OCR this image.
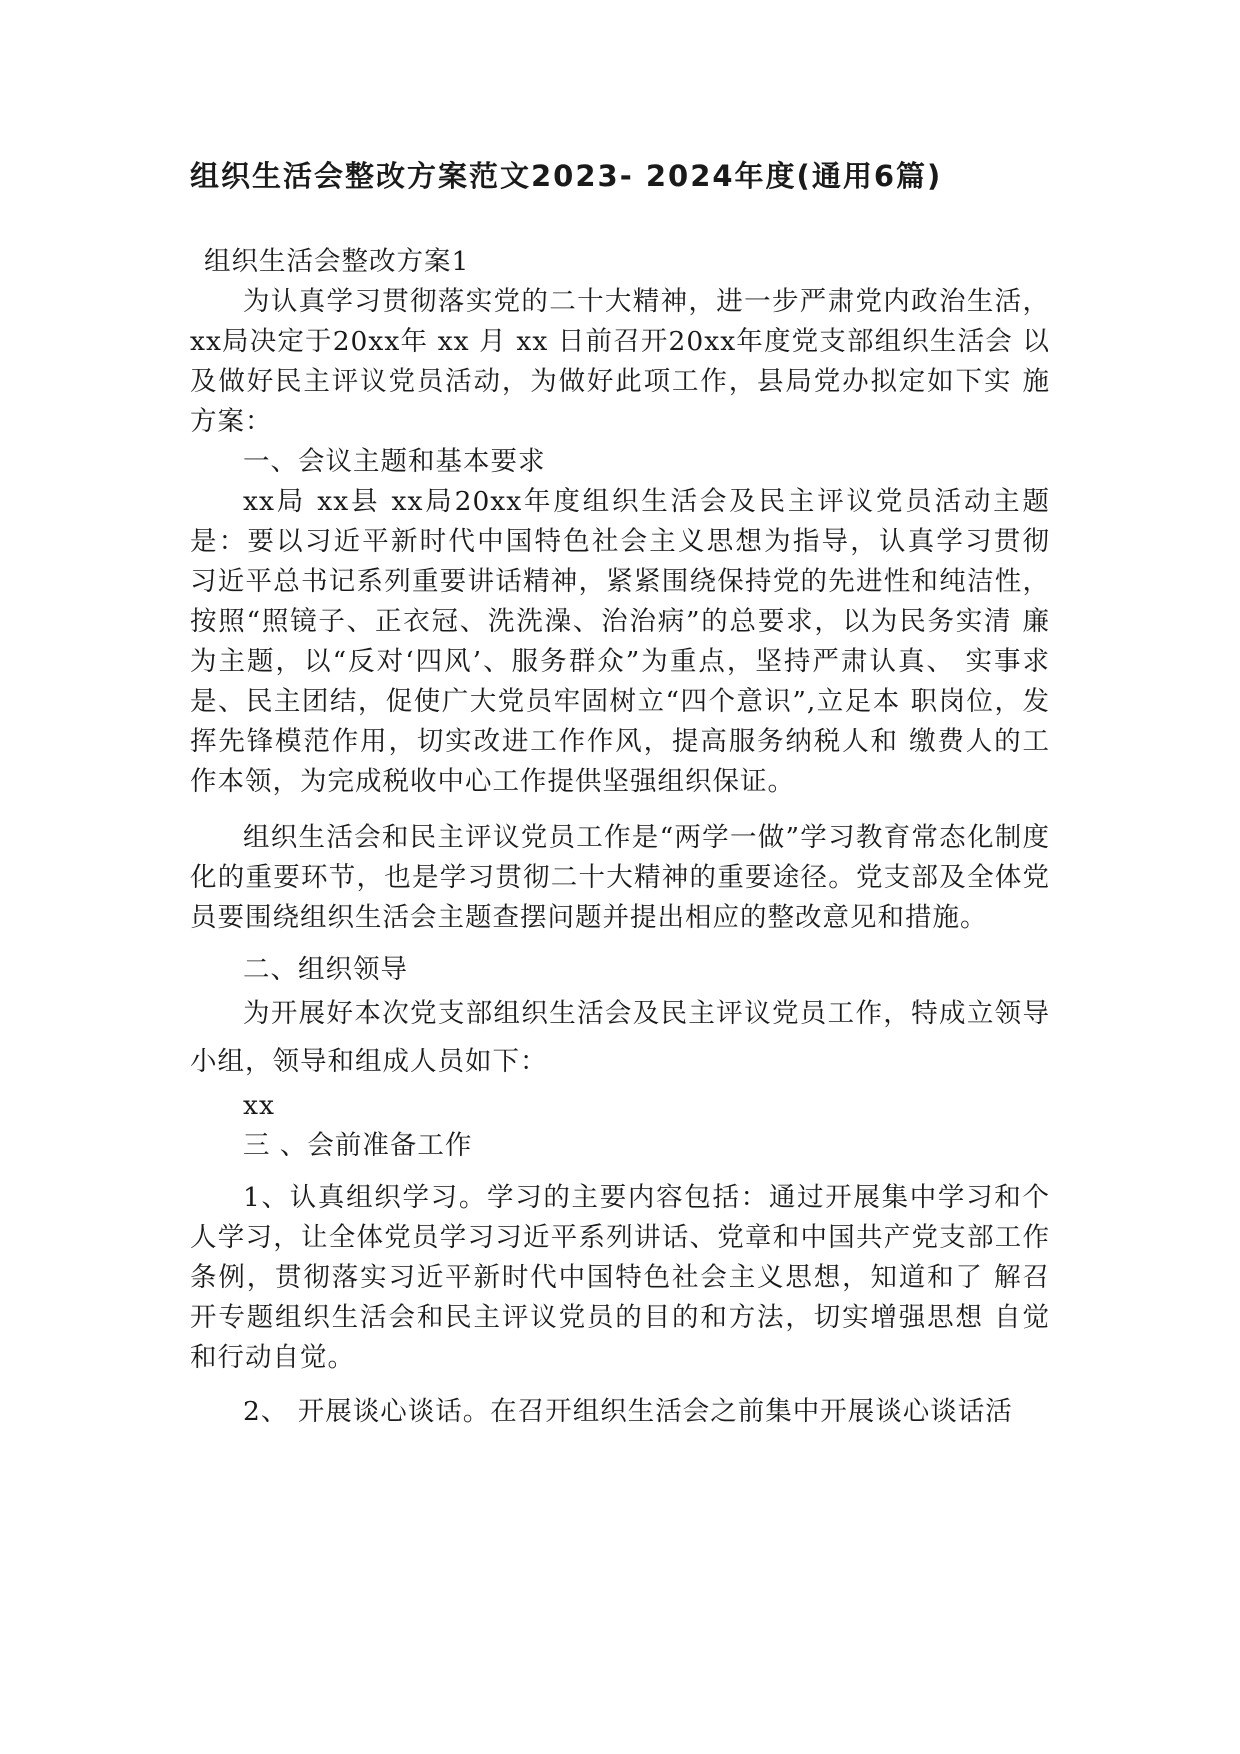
组织生活会整改方案范文2023- 2024年度(通用6篇)

组织生活会整改方案1

为认真学习贯彻落实党的二十大精神，进一步严肃党内政治生活， xx局决定于20xx年 xx 月 xx 日前召开20xx年度党支部组织生活会 以及做好民主评议党员活动，为做好此项工作，县局党办拟定如下实 施方案：

一、会议主题和基本要求

xx局 xx县 xx局20xx年度组织生活会及民主评议党员活动主题 是：要以习近平新时代中国特色社会主义思想为指导，认真学习贯彻 习近平总书记系列重要讲话精神，紧紧围绕保持党的先进性和纯洁性， 按照“照镜子、正衣冠、洗洗澡、治治病”的总要求，以为民务实清 廉为主题，以“反对‘四风’、服务群众”为重点，坚持严肃认真、 实事求是、民主团结，促使广大党员牢固树立“四个意识”,立足本 职岗位，发挥先锋模范作用，切实改进工作作风，提高服务纳税人和 缴费人的工作本领，为完成税收中心工作提供坚强组织保证。

组织生活会和民主评议党员工作是“两学一做”学习教育常态化制度化的重要环节，也是学习贯彻二十大精神的重要途径。党支部及全体党员要围绕组织生活会主题查摆问题并提出相应的整改意见和措施。

二、组织领导

为开展好本次党支部组织生活会及民主评议党员工作，特成立领导小组，领导和组成人员如下：

xx

三 、会前准备工作

1、认真组织学习。学习的主要内容包括：通过开展集中学习和个人学习，让全体党员学习习近平系列讲话、党章和中国共产党支部工作条例，贯彻落实习近平新时代中国特色社会主义思想，知道和了 解召开专题组织生活会和民主评议党员的目的和方法，切实增强思想 自觉和行动自觉。

2、 开展谈心谈话。在召开组织生活会之前集中开展谈心谈话活
